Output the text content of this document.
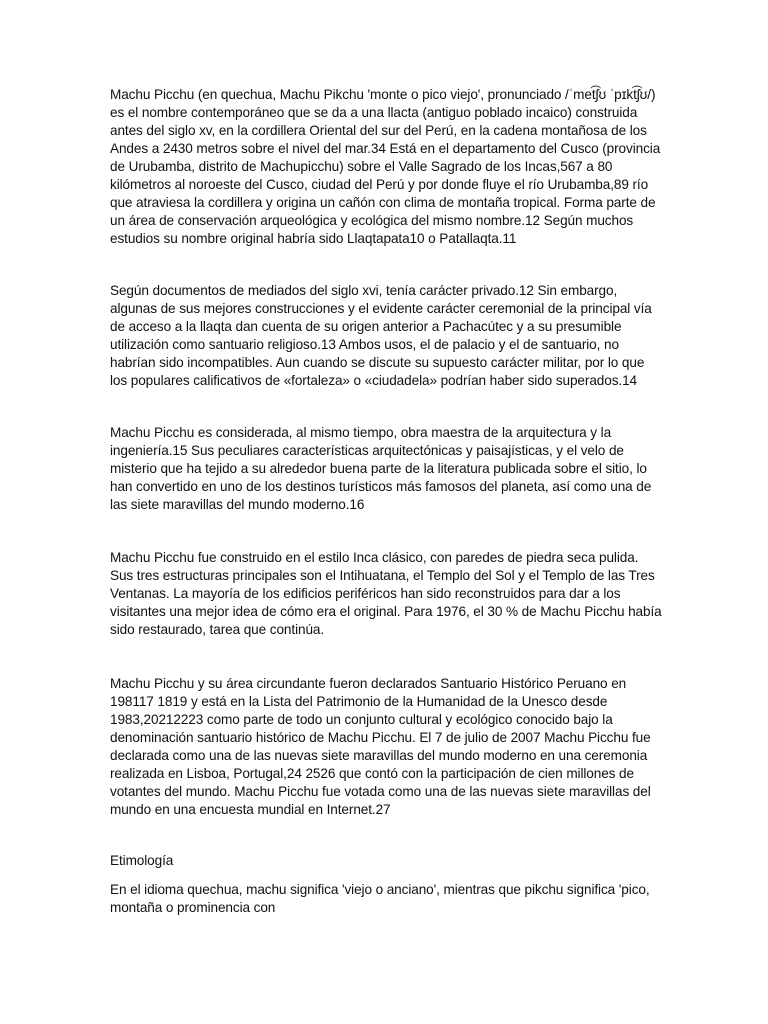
Machu Picchu (en quechua, Machu Pikchu 'monte o pico viejo', pronunciado /ˈmet͡ʃʊ ˈpɪkt͡ʃʊ/) es el nombre contemporáneo que se da a una llacta (antiguo poblado incaico) construida antes del siglo xv, en la cordillera Oriental del sur del Perú, en la cadena montañosa de los Andes a 2430 metros sobre el nivel del mar.34 Está en el departamento del Cusco (provincia de Urubamba, distrito de Machupicchu) sobre el Valle Sagrado de los Incas,567 a 80 kilómetros al noroeste del Cusco, ciudad del Perú y por donde fluye el río Urubamba,89 río que atraviesa la cordillera y origina un cañón con clima de montaña tropical. Forma parte de un área de conservación arqueológica y ecológica del mismo nombre.12 Según muchos estudios su nombre original habría sido Llaqtapata10 o Patallaqta.11

Según documentos de mediados del siglo xvi, tenía carácter privado.12 Sin embargo, algunas de sus mejores construcciones y el evidente carácter ceremonial de la principal vía de acceso a la llaqta dan cuenta de su origen anterior a Pachacútec y a su presumible utilización como santuario religioso.13 Ambos usos, el de palacio y el de santuario, no habrían sido incompatibles. Aun cuando se discute su supuesto carácter militar, por lo que los populares calificativos de «fortaleza» o «ciudadela» podrían haber sido superados.14

Machu Picchu es considerada, al mismo tiempo, obra maestra de la arquitectura y la ingeniería.15 Sus peculiares características arquitectónicas y paisajísticas, y el velo de misterio que ha tejido a su alrededor buena parte de la literatura publicada sobre el sitio, lo han convertido en uno de los destinos turísticos más famosos del planeta, así como una de las siete maravillas del mundo moderno.16

Machu Picchu fue construido en el estilo Inca clásico, con paredes de piedra seca pulida. Sus tres estructuras principales son el Intihuatana, el Templo del Sol y el Templo de las Tres Ventanas. La mayoría de los edificios periféricos han sido reconstruidos para dar a los visitantes una mejor idea de cómo era el original. Para 1976, el 30 % de Machu Picchu había sido restaurado, tarea que continúa.

Machu Picchu y su área circundante fueron declarados Santuario Histórico Peruano en 198117 1819 y está en la Lista del Patrimonio de la Humanidad de la Unesco desde 1983,20212223 como parte de todo un conjunto cultural y ecológico conocido bajo la denominación santuario histórico de Machu Picchu. El 7 de julio de 2007 Machu Picchu fue declarada como una de las nuevas siete maravillas del mundo moderno en una ceremonia realizada en Lisboa, Portugal,24 2526 que contó con la participación de cien millones de votantes del mundo. Machu Picchu fue votada como una de las nuevas siete maravillas del mundo en una encuesta mundial en Internet.27

Etimología

En el idioma quechua, machu significa 'viejo o anciano', mientras que pikchu significa 'pico, montaña o prominencia con
